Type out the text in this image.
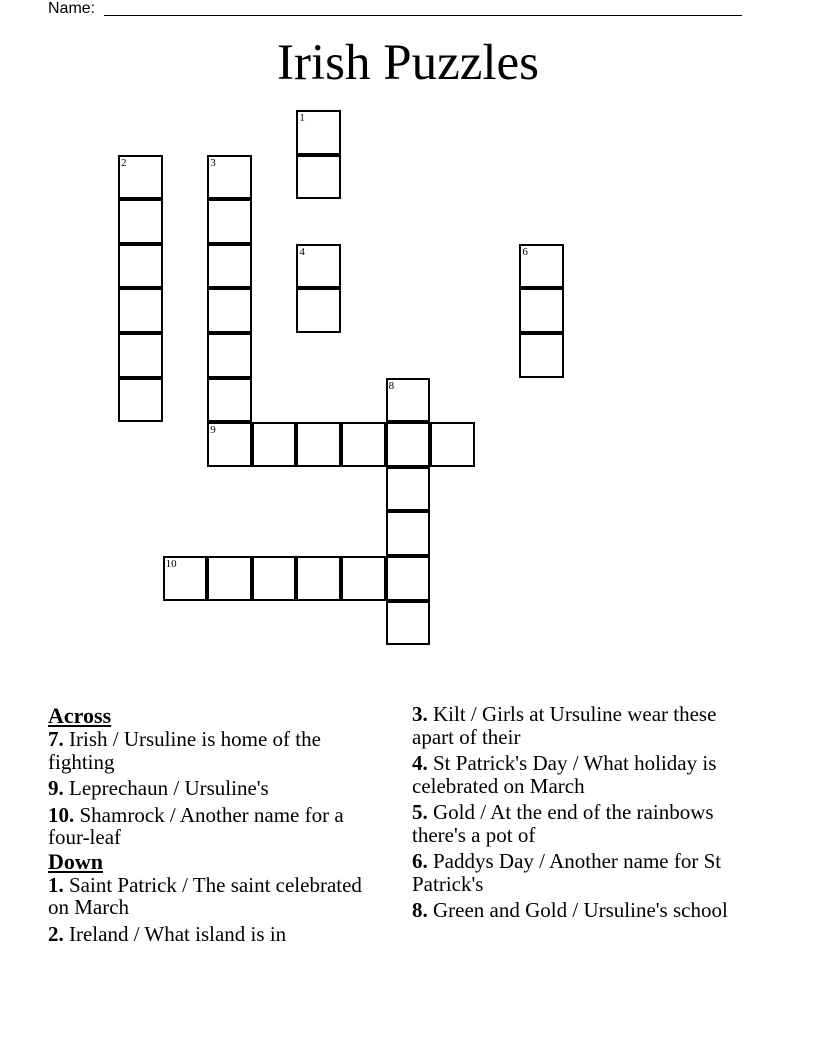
Name:
Irish Puzzles
1
4
2	3
9
6
8
10
Across
7. Irish / Ursuline is home of the fighting
9. Leprechaun / Ursuline's
10. Shamrock / Another name for a four-leaf
Down
1. Saint Patrick / The saint celebrated on March
2. Ireland / What island is in
3. Kilt / Girls at Ursuline wear these apart of their
4. St Patrick's Day / What holiday is celebrated on March
5. Gold / At the end of the rainbows there's a pot of
6. Paddys Day / Another name for St Patrick's
8. Green and Gold / Ursuline's school
